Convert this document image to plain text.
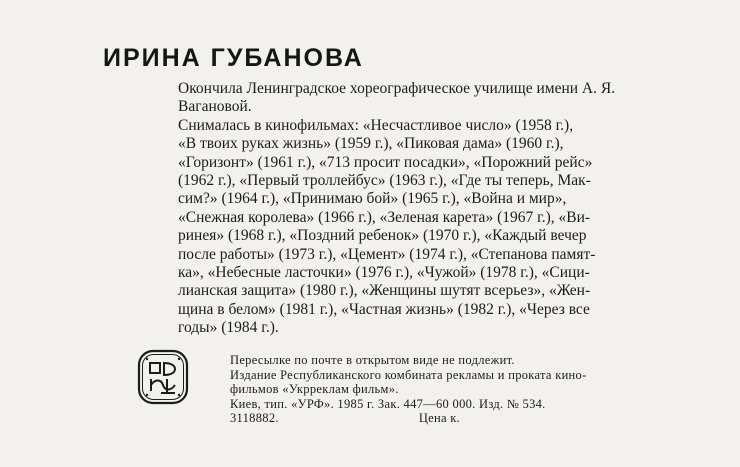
ИРИНА ГУБАНОВА
Окончила Ленинградское хореографическое училище имени А. Я.
Вагановой.
Снималась в кинофильмах: «Несчастливое число» (1958 г.),
«В твоих руках жизнь» (1959 г.), «Пиковая дама» (1960 г.),
«Горизонт» (1961 г.), «713 просит посадки», «Порожний рейс»
(1962 г.), «Первый троллейбус» (1963 г.), «Где ты теперь, Мак-
сим?» (1964 г.), «Принимаю бой» (1965 г.), «Война и мир»,
«Снежная королева» (1966 г.), «Зеленая карета» (1967 г.), «Ви-
ринея» (1968 г.), «Поздний ребенок» (1970 г.), «Каждый вечер
после работы» (1973 г.), «Цемент» (1974 г.), «Степанова памят-
ка», «Небесные ласточки» (1976 г.), «Чужой» (1978 г.), «Сици-
лианская защита» (1980 г.), «Женщины шутят всерьез», «Жен-
щина в белом» (1981 г.), «Частная жизнь» (1982 г.), «Через все
годы» (1984 г.).
Пересылке по почте в открытом виде не подлежит.
Издание Республиканского комбината рекламы и проката кино-
фильмов «Укрреклам фильм».
Киев, тип. «УРФ». 1985 г. Зак. 447—60 000. Изд. № 534.
3118882.	Цена к.
